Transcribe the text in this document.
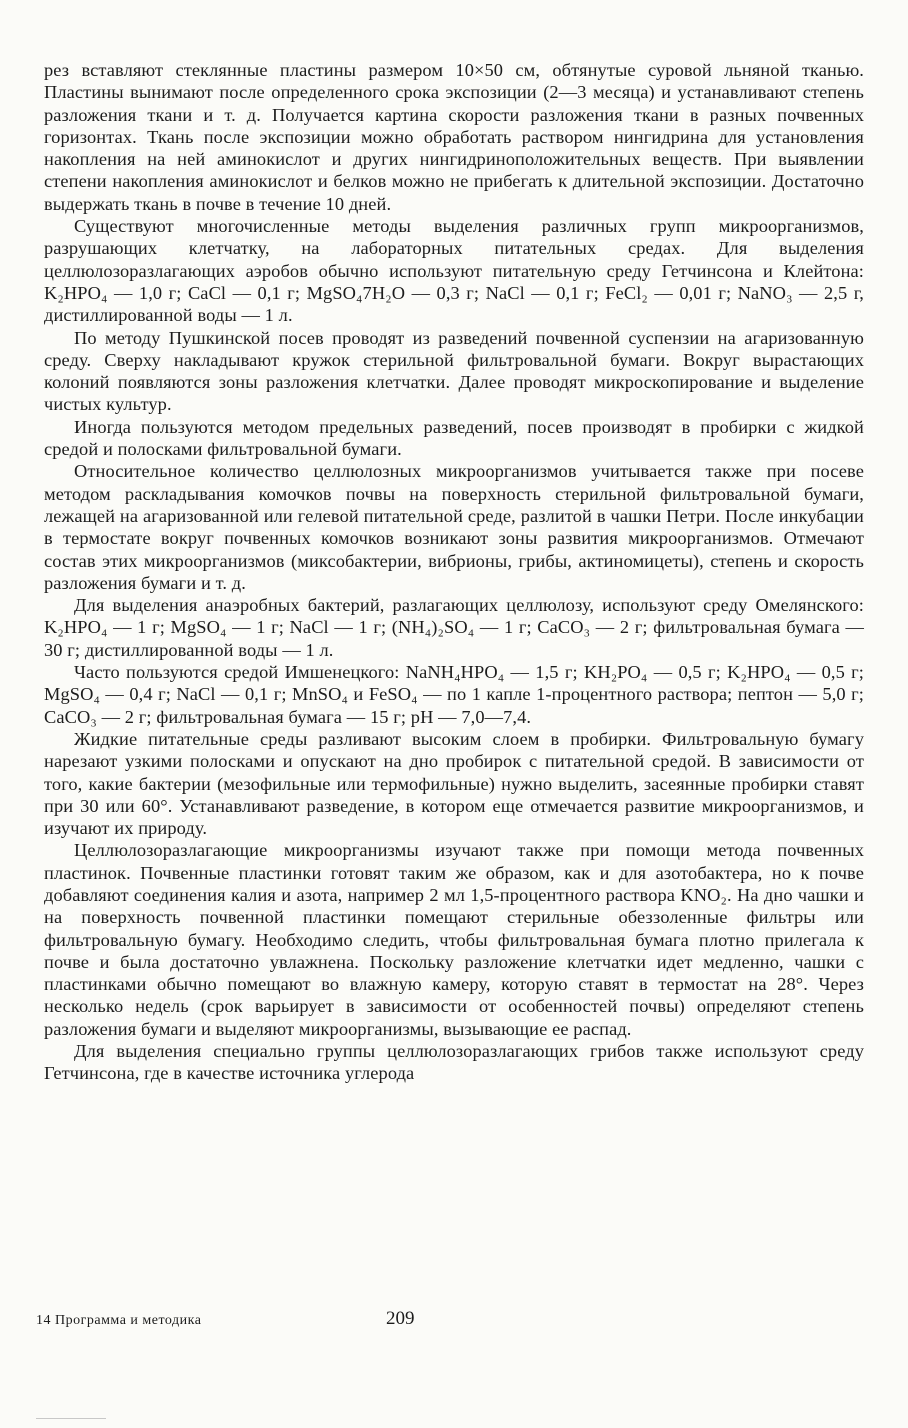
рез вставляют стеклянные пластины размером 10×50 см, обтянутые суровой льняной тканью. Пластины вынимают после определенного срока экспозиции (2—3 месяца) и устанавливают степень разложения ткани и т. д. Получается картина скорости разложения ткани в разных почвенных горизонтах. Ткань после экспозиции можно обработать раствором нингидрина для установления накопления на ней аминокислот и других нингидриноположительных веществ. При выявлении степени накопления аминокислот и белков можно не прибегать к длительной экспозиции. Достаточно выдержать ткань в почве в течение 10 дней.

Существуют многочисленные методы выделения различных групп микроорганизмов, разрушающих клетчатку, на лабораторных питательных средах. Для выделения целлюлозоразлагающих аэробов обычно используют питательную среду Гетчинсона и Клейтона: K₂HPO₄ — 1,0 г; CaCl — 0,1 г; MgSO₄7H₂O — 0,3 г; NaCl — 0,1 г; FeCl₂ — 0,01 г; NaNO₃ — 2,5 г, дистиллированной воды — 1 л.

По методу Пушкинской посев проводят из разведений почвенной суспензии на агаризованную среду. Сверху накладывают кружок стерильной фильтровальной бумаги. Вокруг вырастающих колоний появляются зоны разложения клетчатки. Далее проводят микроскопирование и выделение чистых культур.

Иногда пользуются методом предельных разведений, посев производят в пробирки с жидкой средой и полосками фильтровальной бумаги.

Относительное количество целлюлозных микроорганизмов учитывается также при посеве методом раскладывания комочков почвы на поверхность стерильной фильтровальной бумаги, лежащей на агаризованной или гелевой питательной среде, разлитой в чашки Петри. После инкубации в термостате вокруг почвенных комочков возникают зоны развития микроорганизмов. Отмечают состав этих микроорганизмов (миксобактерии, вибрионы, грибы, актиномицеты), степень и скорость разложения бумаги и т. д.

Для выделения анаэробных бактерий, разлагающих целлюлозу, используют среду Омелянского: K₂HPO₄ — 1 г; MgSO₄ — 1 г; NaCl — 1 г; (NH₄)₂SO₄ — 1 г; CaCO₃ — 2 г; фильтровальная бумага — 30 г; дистиллированной воды — 1 л.

Часто пользуются средой Имшенецкого: NaNH₄HPO₄ — 1,5 г; KH₂PO₄ — 0,5 г; K₂HPO₄ — 0,5 г; MgSO₄ — 0,4 г; NaCl — 0,1 г; MnSO₄ и FeSO₄ — по 1 капле 1-процентного раствора; пептон — 5,0 г; CaCO₃ — 2 г; фильтровальная бумага — 15 г; pH — 7,0—7,4.

Жидкие питательные среды разливают высоким слоем в пробирки. Фильтровальную бумагу нарезают узкими полосками и опускают на дно пробирок с питательной средой. В зависимости от того, какие бактерии (мезофильные или термофильные) нужно выделить, засеянные пробирки ставят при 30 или 60°. Устанавливают разведение, в котором еще отмечается развитие микроорганизмов, и изучают их природу.

Целлюлозоразлагающие микроорганизмы изучают также при помощи метода почвенных пластинок. Почвенные пластинки готовят таким же образом, как и для азотобактера, но к почве добавляют соединения калия и азота, например 2 мл 1,5-процентного раствора KNO₂. На дно чашки и на поверхность почвенной пластинки помещают стерильные обеззоленные фильтры или фильтровальную бумагу. Необходимо следить, чтобы фильтровальная бумага плотно прилегала к почве и была достаточно увлажнена. Поскольку разложение клетчатки идет медленно, чашки с пластинками обычно помещают во влажную камеру, которую ставят в термостат на 28°. Через несколько недель (срок варьирует в зависимости от особенностей почвы) определяют степень разложения бумаги и выделяют микроорганизмы, вызывающие ее распад.

Для выделения специально группы целлюлозоразлагающих грибов также используют среду Гетчинсона, где в качестве источника углерода

14 Программа и методика	209
